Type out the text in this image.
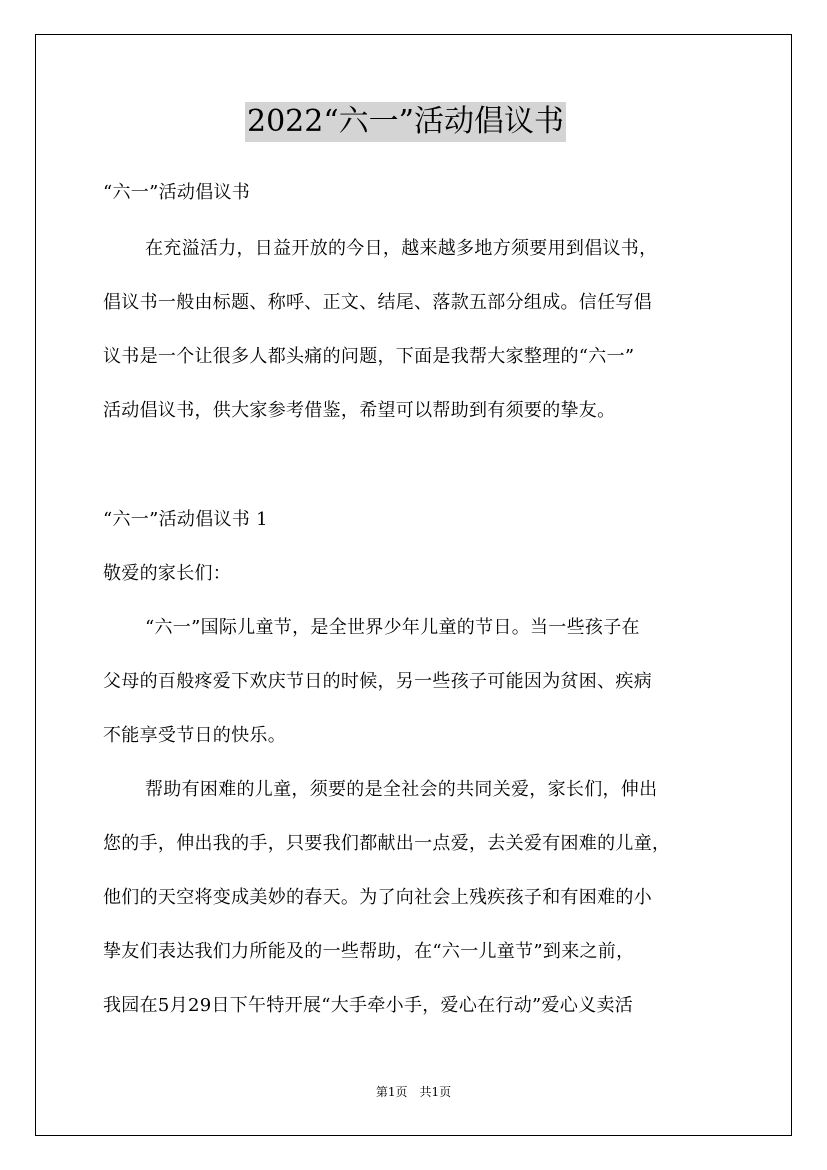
2022“六一”活动倡议书
“六一”活动倡议书
在充溢活力，日益开放的今日，越来越多地方须要用到倡议书，
倡议书一般由标题、称呼、正文、结尾、落款五部分组成。信任写倡
议书是一个让很多人都头痛的问题，下面是我帮大家整理的“六一”
活动倡议书，供大家参考借鉴，希望可以帮助到有须要的挚友。
“六一”活动倡议书 1
敬爱的家长们：
“六一”国际儿童节，是全世界少年儿童的节日。当一些孩子在
父母的百般疼爱下欢庆节日的时候，另一些孩子可能因为贫困、疾病
不能享受节日的快乐。
帮助有困难的儿童，须要的是全社会的共同关爱，家长们，伸出
您的手，伸出我的手，只要我们都献出一点爱，去关爱有困难的儿童，
他们的天空将变成美妙的春天。为了向社会上残疾孩子和有困难的小
挚友们表达我们力所能及的一些帮助，在“六一儿童节”到来之前，
我园在5月29日下午特开展“大手牵小手，爱心在行动”爱心义卖活
第1页　共1页
